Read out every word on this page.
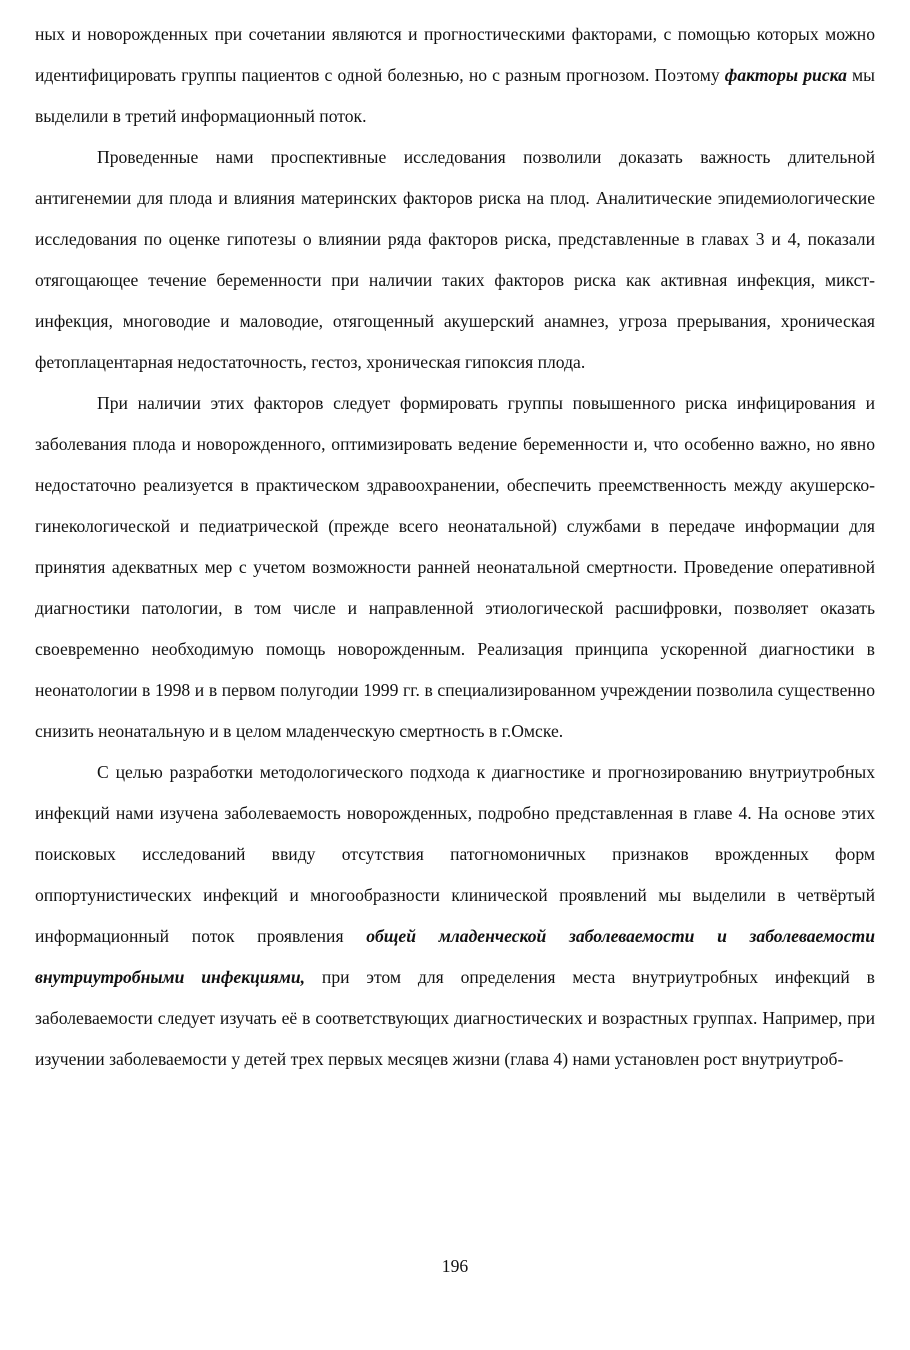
ных и новорожденных при сочетании являются и прогностическими факторами, с помощью которых можно идентифицировать группы пациентов с одной болезнью, но с разным прогнозом. Поэтому факторы риска мы выделили в третий информационный поток.

Проведенные нами проспективные исследования позволили доказать важность длительной антигенемии для плода и влияния материнских факторов риска на плод. Аналитические эпидемиологические исследования по оценке гипотезы о влиянии ряда факторов риска, представленные в главах 3 и 4, показали отягощающее течение беременности при наличии таких факторов риска как активная инфекция, микст-инфекция, многоводие и маловодие, отягощенный акушерский анамнез, угроза прерывания, хроническая фетоплацентарная недостаточность, гестоз, хроническая гипоксия плода.

При наличии этих факторов следует формировать группы повышенного риска инфицирования и заболевания плода и новорожденного, оптимизировать ведение беременности и, что особенно важно, но явно недостаточно реализуется в практическом здравоохранении, обеспечить преемственность между акушерско-гинекологической и педиатрической (прежде всего неонатальной) службами в передаче информации для принятия адекватных мер с учетом возможности ранней неонатальной смертности. Проведение оперативной диагностики патологии, в том числе и направленной этиологической расшифровки, позволяет оказать своевременно необходимую помощь новорожденным. Реализация принципа ускоренной диагностики в неонатологии в 1998 и в первом полугодии 1999 гг. в специализированном учреждении позволила существенно снизить неонатальную и в целом младенческую смертность в г.Омске.

С целью разработки методологического подхода к диагностике и прогнозированию внутриутробных инфекций нами изучена заболеваемость новорожденных, подробно представленная в главе 4. На основе этих поисковых исследований ввиду отсутствия патогномоничных признаков врожденных форм оппортунистических инфекций и многообразности клинической проявлений мы выделили в четвёртый информационный поток проявления общей младенческой заболеваемости и заболеваемости внутриутробными инфекциями, при этом для определения места внутриутробных инфекций в заболеваемости следует изучать её в соответствующих диагностических и возрастных группах. Например, при изучении заболеваемости у детей трех первых месяцев жизни (глава 4) нами установлен рост внутриутроб-

196
